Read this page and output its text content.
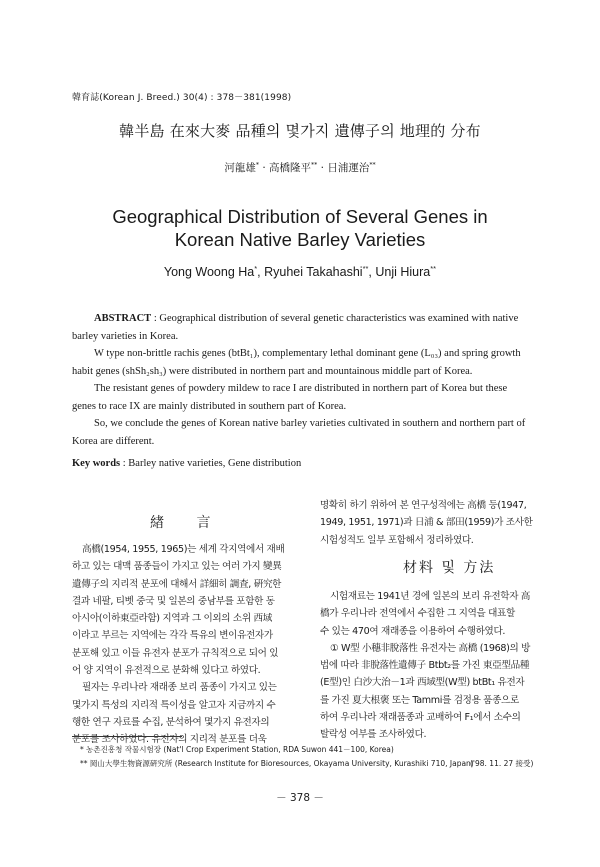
韓育誌(Korean J. Breed.) 30(4) : 378－381(1998)
韓半島 在來大麥 品種의 몇가지 遺傳子의 地理的 分布
河龍雄* · 高橋隆平** · 日浦運治**
Geographical Distribution of Several Genes in
Korean Native Barley Varieties
Yong Woong Ha*, Ryuhei Takahashi**, Unji Hiura**

ABSTRACT : Geographical distribution of several genetic characteristics was examined with native barley varieties in Korea.

W type non-brittle rachis genes (btBt₁), complementary lethal dominant gene (L₀₃) and spring growth habit genes (shSh₂sh₃) were distributed in northern part and mountainous middle part of Korea.

The resistant genes of powdery mildew to race I are distributed in northern part of Korea but these genes to race IX are mainly distributed in southern part of Korea.

So, we conclude the genes of Korean native barley varieties cultivated in southern and northern part of Korea are different.

Key words : Barley native varieties, Gene distribution
緖 言

高橋(1954, 1955, 1965)는 세계 각지역에서 재배

하고 있는 대맥 품종들이 가지고 있는 여러 가지 變異

遺傳子의 지리적 분포에 대해서 詳細히 調査, 硏究한

결과 네팔, 티벳 중국 및 일본의 중남부를 포함한 동

아시아(이하東亞라함) 지역과 그 이외의 소위 西域

이라고 부르는 지역에는 각각 특유의 변이유전자가

분포해 있고 이들 유전자 분포가 규칙적으로 되어 있

어 양 지역이 유전적으로 분화해 있다고 하였다.

필자는 우리나라 재래종 보리 품종이 가지고 있는

몇가지 특성의 지리적 특이성을 알고자 지금까지 수

행한 연구 자료를 수집, 분석하여 몇가지 유전자의

분포를 조사하였다. 유전자의 지리적 분포를 더욱

명확히 하기 위하여 본 연구성적에는 高橋 등(1947,

1949, 1951, 1971)과 日浦 & 部田(1959)가 조사한

시험성적도 일부 포함해서 정리하였다.

材料 및 方法

시험재료는 1941년 경에 일본의 보리 유전학자 高

橋가 우리나라 전역에서 수집한 그 지역을 대표할

수 있는 470여 재래종을 이용하여 수행하였다.

① W型 小穗非脫落性 유전자는 高橋 (1968)의 방

법에 따라 非脫落性遺傳子 Btbt₂를 가진 東亞型品種

(E型)인 白沙大治－1과 西域型(W型) btBt₁ 유전자

를 가진 夏大根褒 또는 Tammi를 검정용 품종으로

하여 우리나라 재래품종과 교배하여 F₁에서 소수의

탈락성 여부를 조사하였다.

* 농촌진흥청 작물시험장 (Nat'l Crop Experiment Station, RDA Suwon 441－100, Korea)
** 岡山大學生物資源硏究所 (Research Institute for Bioresources, Okayama University, Kurashiki 710, Japan)
('98. 11. 27 接受)
－ 378 －
